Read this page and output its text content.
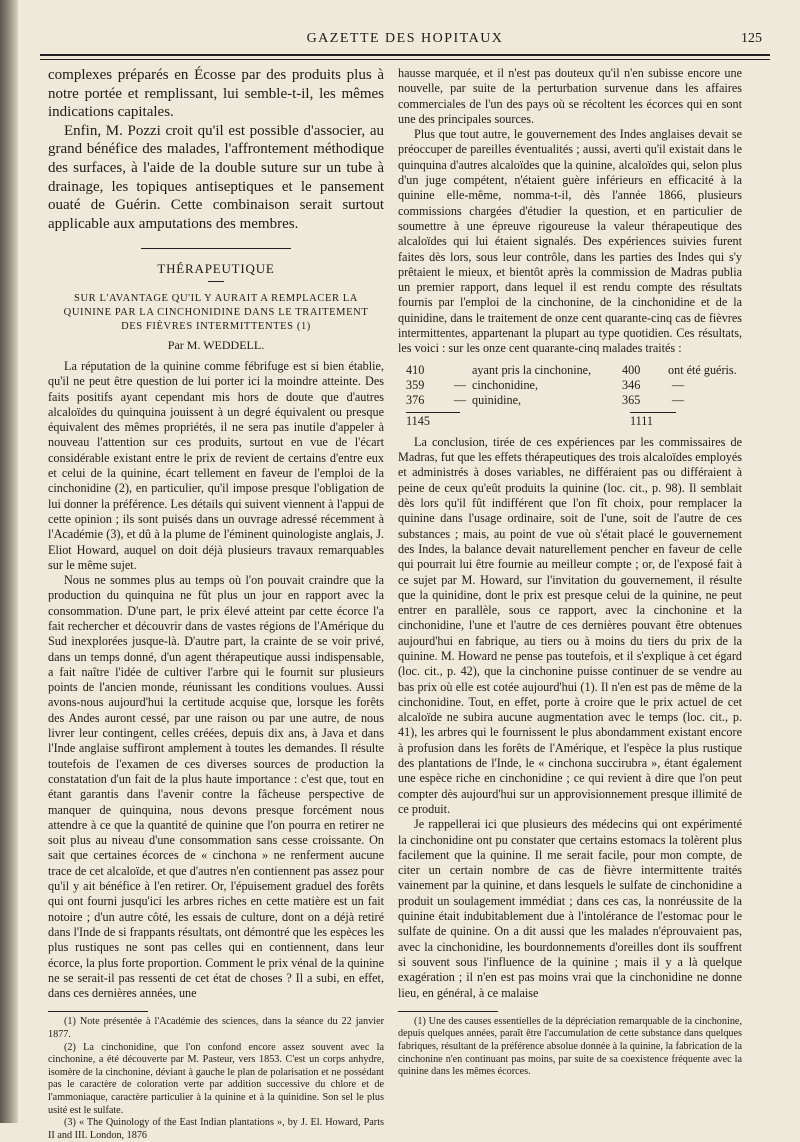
GAZETTE DES HOPITAUX	125

complexes préparés en Écosse par des produits plus à notre portée et remplissant, lui semble-t-il, les mêmes indications capitales.

Enfin, M. Pozzi croit qu'il est possible d'associer, au grand bénéfice des malades, l'affrontement méthodique des surfaces, à l'aide de la double suture sur un tube à drainage, les topiques antiseptiques et le pansement ouaté de Guérin. Cette combinaison serait surtout applicable aux amputations des membres.

THÉRAPEUTIQUE
SUR L'AVANTAGE QU'IL Y AURAIT A REMPLACER LA QUININE PAR LA CINCHONIDINE DANS LE TRAITEMENT DES FIÈVRES INTERMITTENTES (1)
Par M. WEDDELL.

La réputation de la quinine comme fébrifuge est si bien établie, qu'il ne peut être question de lui porter ici la moindre atteinte. Des faits positifs ayant cependant mis hors de doute que d'autres alcaloïdes du quinquina jouissent à un degré équivalent ou presque équivalent des mêmes propriétés, il ne sera pas inutile d'appeler à nouveau l'attention sur ces produits, surtout en vue de l'écart considérable existant entre le prix de revient de certains d'entre eux et celui de la quinine, écart tellement en faveur de l'emploi de la cinchonidine (2), en particulier, qu'il impose presque l'obligation de lui donner la préférence. Les détails qui suivent viennent à l'appui de cette opinion ; ils sont puisés dans un ouvrage adressé récemment à l'Académie (3), et dû à la plume de l'éminent quinologiste anglais, J. Eliot Howard, auquel on doit déjà plusieurs travaux remarquables sur le même sujet.

Nous ne sommes plus au temps où l'on pouvait craindre que la production du quinquina ne fût plus un jour en rapport avec la consommation. D'une part, le prix élevé atteint par cette écorce l'a fait rechercher et découvrir dans de vastes régions de l'Amérique du Sud inexplorées jusque-là. D'autre part, la crainte de se voir privé, dans un temps donné, d'un agent thérapeutique aussi indispensable, a fait naître l'idée de cultiver l'arbre qui le fournit sur plusieurs points de l'ancien monde, réunissant les conditions voulues. Aussi avons-nous aujourd'hui la certitude acquise que, lorsque les forêts des Andes auront cessé, par une raison ou par une autre, de nous livrer leur contingent, celles créées, depuis dix ans, à Java et dans l'Inde anglaise suffiront amplement à toutes les demandes. Il résulte toutefois de l'examen de ces diverses sources de production la constatation d'un fait de la plus haute importance : c'est que, tout en étant garantis dans l'avenir contre la fâcheuse perspective de manquer de quinquina, nous devons presque forcément nous attendre à ce que la quantité de quinine que l'on pourra en retirer ne soit plus au niveau d'une consommation sans cesse croissante. On sait que certaines écorces de « cinchona » ne renferment aucune trace de cet alcaloïde, et que d'autres n'en contiennent pas assez pour qu'il y ait bénéfice à l'en retirer. Or, l'épuisement graduel des forêts qui ont fourni jusqu'ici les arbres riches en cette matière est un fait notoire ; d'un autre côté, les essais de culture, dont on a déjà retiré dans l'Inde de si frappants résultats, ont démontré que les espèces les plus rustiques ne sont pas celles qui en contiennent, dans leur écorce, la plus forte proportion. Comment le prix vénal de la quinine ne se serait-il pas ressenti de cet état de choses ? Il a subi, en effet, dans ces dernières années, une

(1) Note présentée à l'Académie des sciences, dans la séance du 22 janvier 1877.

(2) La cinchonidine, que l'on confond encore assez souvent avec la cinchonine, a été découverte par M. Pasteur, vers 1853. C'est un corps anhydre, isomère de la cinchonine, déviant à gauche le plan de polarisation et ne possédant pas le caractère de coloration verte par addition successive du chlore et de l'ammoniaque, caractère particulier à la quinine et à la quinidine. Son sel le plus usité est le sulfate.

(3) « The Quinology of the East Indian plantations », by J. El. Howard, Parts II and III. London, 1876

hausse marquée, et il n'est pas douteux qu'il n'en subisse encore une nouvelle, par suite de la perturbation survenue dans les affaires commerciales de l'un des pays où se récoltent les écorces qui en sont une des principales sources.

Plus que tout autre, le gouvernement des Indes anglaises devait se préoccuper de pareilles éventualités ; aussi, averti qu'il existait dans le quinquina d'autres alcaloïdes que la quinine, alcaloïdes qui, selon plus d'un juge compétent, n'étaient guère inférieurs en efficacité à la quinine elle-même, nomma-t-il, dès l'année 1866, plusieurs commissions chargées d'étudier la question, et en particulier de soumettre à une épreuve rigoureuse la valeur thérapeutique des alcaloïdes qui lui étaient signalés. Des expériences suivies furent faites dès lors, sous leur contrôle, dans les parties des Indes qui s'y prêtaient le mieux, et bientôt après la commission de Madras publia un premier rapport, dans lequel il est rendu compte des résultats fournis par l'emploi de la cinchonine, de la cinchonidine et de la quinidine, dans le traitement de onze cent quarante-cinq cas de fièvres intermittentes, appartenant la plupart au type quotidien. Ces résultats, les voici : sur les onze cent quarante-cinq malades traités :

410	ayant pris la cinchonine,	400	ont été guéris.
359	— cinchonidine,	346	—
376	— quinidine,	365	—
1145	1111

La conclusion, tirée de ces expériences par les commissaires de Madras, fut que les effets thérapeutiques des trois alcaloïdes employés et administrés à doses variables, ne différaient pas ou différaient à peine de ceux qu'eût produits la quinine (loc. cit., p. 98). Il semblait dès lors qu'il fût indifférent que l'on fît choix, pour remplacer la quinine dans l'usage ordinaire, soit de l'une, soit de l'autre de ces substances ; mais, au point de vue où s'était placé le gouvernement des Indes, la balance devait naturellement pencher en faveur de celle qui pourrait lui être fournie au meilleur compte ; or, de l'exposé fait à ce sujet par M. Howard, sur l'invitation du gouvernement, il résulte que la quinidine, dont le prix est presque celui de la quinine, ne peut entrer en parallèle, sous ce rapport, avec la cinchonine et la cinchonidine, l'une et l'autre de ces dernières pouvant être obtenues aujourd'hui en fabrique, au tiers ou à moins du tiers du prix de la quinine. M. Howard ne pense pas toutefois, et il s'explique à cet égard (loc. cit., p. 42), que la cinchonine puisse continuer de se vendre au bas prix où elle est cotée aujourd'hui (1). Il n'en est pas de même de la cinchonidine. Tout, en effet, porte à croire que le prix actuel de cet alcaloïde ne subira aucune augmentation avec le temps (loc. cit., p. 41), les arbres qui le fournissent le plus abondamment existant encore à profusion dans les forêts de l'Amérique, et l'espèce la plus rustique des plantations de l'Inde, le « cinchona succirubra », étant également une espèce riche en cinchonidine ; ce qui revient à dire que l'on peut compter dès aujourd'hui sur un approvisionnement presque illimité de ce produit.

Je rappellerai ici que plusieurs des médecins qui ont expérimenté la cinchonidine ont pu constater que certains estomacs la tolèrent plus facilement que la quinine. Il me serait facile, pour mon compte, de citer un certain nombre de cas de fièvre intermittente traités vainement par la quinine, et dans lesquels le sulfate de cinchonidine a produit un soulagement immédiat ; dans ces cas, la nonréussite de la quinine était indubitablement due à l'intolérance de l'estomac pour le sulfate de quinine. On a dit aussi que les malades n'éprouvaient pas, avec la cinchonidine, les bourdonnements d'oreilles dont ils souffrent si souvent sous l'influence de la quinine ; mais il y a là quelque exagération ; il n'en est pas moins vrai que la cinchonidine ne donne lieu, en général, à ce malaise

(1) Une des causes essentielles de la dépréciation remarquable de la cinchonine, depuis quelques années, paraît être l'accumulation de cette substance dans quelques fabriques, résultant de la préférence absolue donnée à la quinine, la fabrication de la cinchonine n'en continuant pas moins, par suite de sa coexistence fréquente avec la quinine dans les mêmes écorces.
